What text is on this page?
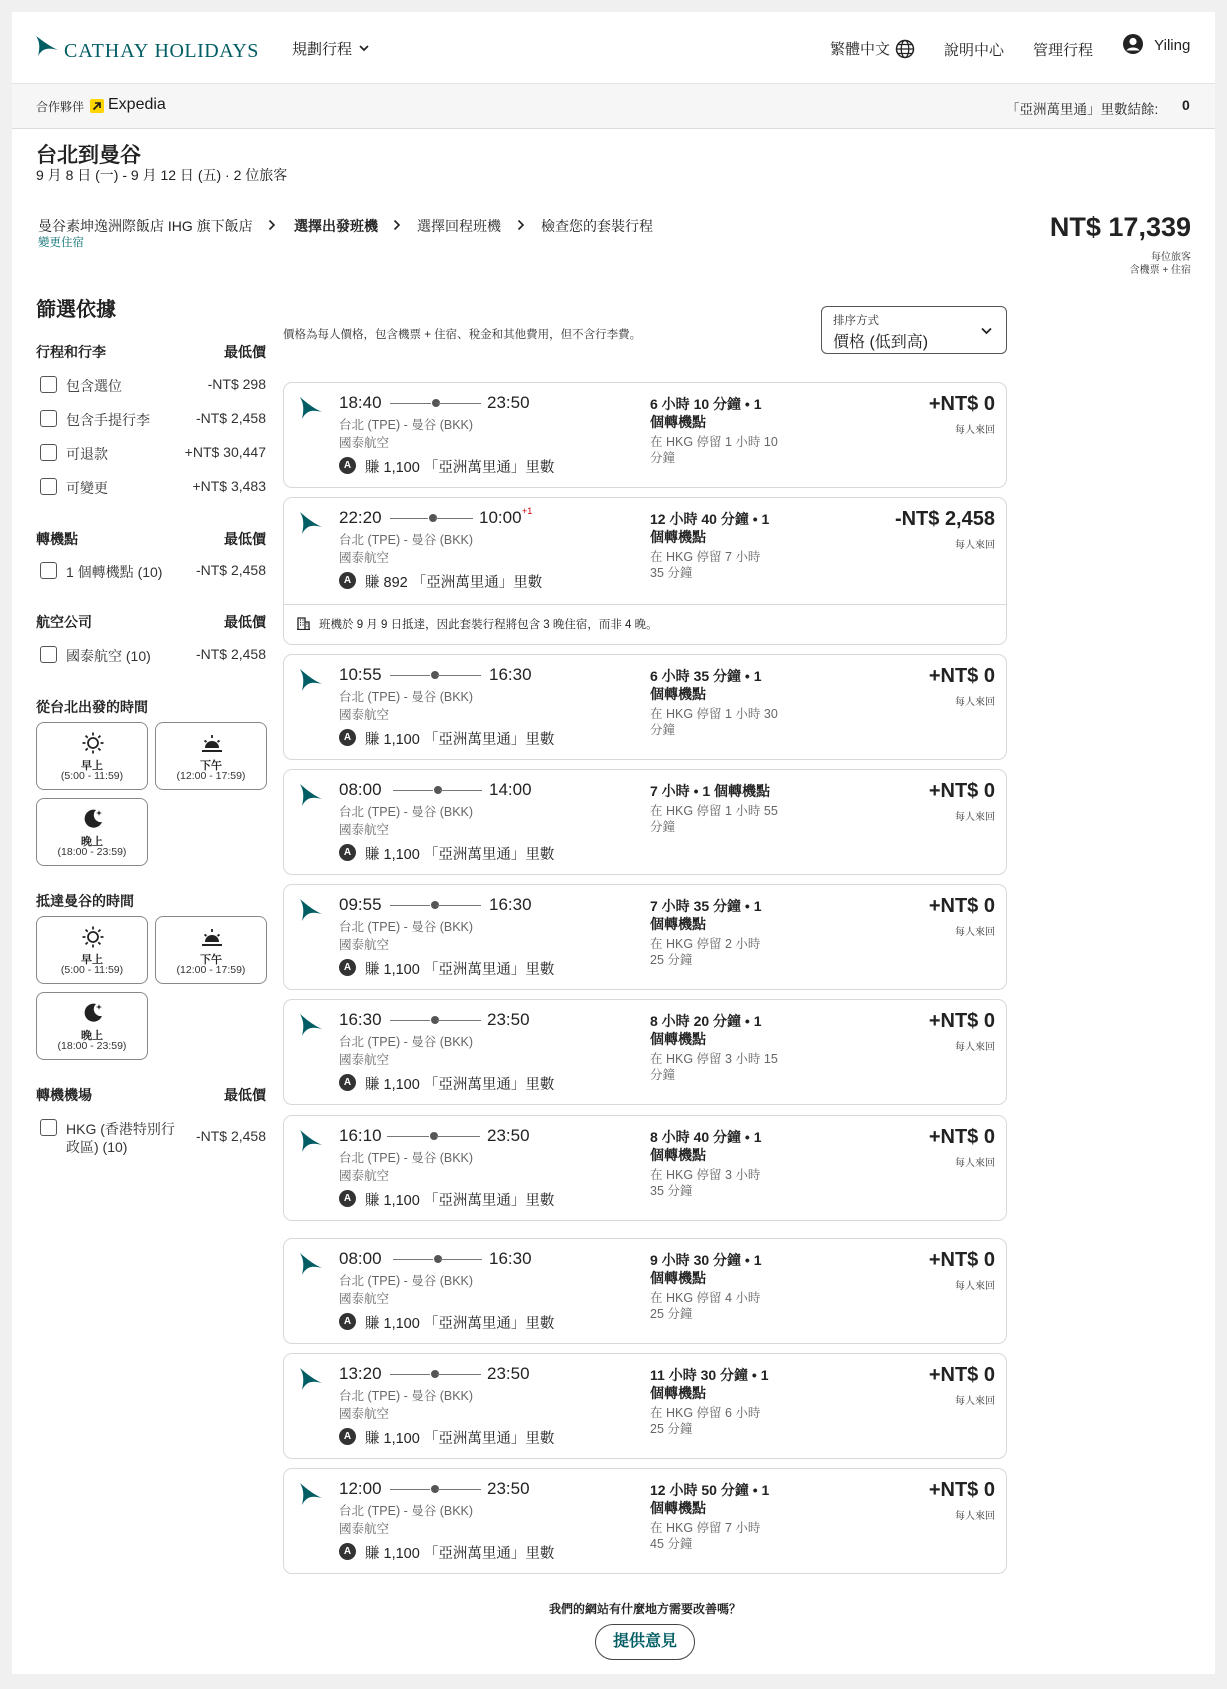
CATHAY HOLIDAYS 規劃行程	繁體中文	說明中心 管理行程	Yiling
合作夥伴 Expedia	「亞洲萬里通」里數結餘: 0
台北到曼谷
9 月 8 日 (一) - 9 月 12 日 (五) · 2 位旅客
曼谷素坤逸洲際飯店 IHG 旗下飯店
變更住宿
選擇出發班機	選擇回程班機	檢查您的套裝行程	NT$ 17,339
每位旅客
含機票 + 住宿
篩選依據
行程和行李	最低價
包含選位	-NT$ 298
包含手提行李	-NT$ 2,458
可退款	+NT$ 30,447
可變更	+NT$ 3,483
轉機點	最低價
1 個轉機點 (10)	-NT$ 2,458
航空公司	最低價
國泰航空 (10)	-NT$ 2,458
從台北出發的時間
早上
(5:00 - 11:59)
下午
(12:00 - 17:59)
晚上
(18:00 - 23:59)
抵達曼谷的時間
早上
(5:00 - 11:59)
下午
(12:00 - 17:59)
晚上
(18:00 - 23:59)
轉機機場	最低價
HKG (香港特別行
政區) (10)
-NT$ 2,458
價格為每人價格，包含機票 + 住宿、稅金和其他費用，但不含行李費。
排序方式
價格 (低到高)
18:40	23:50
台北 (TPE) - 曼谷 (BKK)
國泰航空
A 賺 1,100 「亞洲萬里通」里數
6 小時 10 分鐘 • 1
個轉機點
在 HKG 停留 1 小時 10
分鐘
+NT$ 0
每人來回
22:20	10:00 +1
台北 (TPE) - 曼谷 (BKK)
國泰航空
A 賺 892 「亞洲萬里通」里數
12 小時 40 分鐘 • 1
個轉機點
在 HKG 停留 7 小時
35 分鐘
-NT$ 2,458
每人來回
班機於 9 月 9 日抵達，因此套裝行程將包含 3 晚住宿，而非 4 晚。
10:55	16:30
台北 (TPE) - 曼谷 (BKK)
國泰航空
A 賺 1,100 「亞洲萬里通」里數
6 小時 35 分鐘 • 1
個轉機點
在 HKG 停留 1 小時 30
分鐘
+NT$ 0
每人來回
08:00	14:00
台北 (TPE) - 曼谷 (BKK)
國泰航空
A 賺 1,100 「亞洲萬里通」里數
7 小時 • 1 個轉機點
在 HKG 停留 1 小時 55
分鐘
+NT$ 0
每人來回
09:55	16:30
台北 (TPE) - 曼谷 (BKK)
國泰航空
A 賺 1,100 「亞洲萬里通」里數
7 小時 35 分鐘 • 1
個轉機點
在 HKG 停留 2 小時
25 分鐘
+NT$ 0
每人來回
16:30	23:50
台北 (TPE) - 曼谷 (BKK)
國泰航空
A 賺 1,100 「亞洲萬里通」里數
8 小時 20 分鐘 • 1
個轉機點
在 HKG 停留 3 小時 15
分鐘
+NT$ 0
每人來回
16:10	23:50
台北 (TPE) - 曼谷 (BKK)
國泰航空
A 賺 1,100 「亞洲萬里通」里數
8 小時 40 分鐘 • 1
個轉機點
在 HKG 停留 3 小時
35 分鐘
+NT$ 0
每人來回
08:00	16:30
台北 (TPE) - 曼谷 (BKK)
國泰航空
A 賺 1,100 「亞洲萬里通」里數
9 小時 30 分鐘 • 1
個轉機點
在 HKG 停留 4 小時
25 分鐘
+NT$ 0
每人來回
13:20	23:50
台北 (TPE) - 曼谷 (BKK)
國泰航空
A 賺 1,100 「亞洲萬里通」里數
11 小時 30 分鐘 • 1
個轉機點
在 HKG 停留 6 小時
25 分鐘
+NT$ 0
每人來回
12:00	23:50
台北 (TPE) - 曼谷 (BKK)
國泰航空
A 賺 1,100 「亞洲萬里通」里數
12 小時 50 分鐘 • 1
個轉機點
在 HKG 停留 7 小時
45 分鐘
+NT$ 0
每人來回
我們的網站有什麼地方需要改善嗎？
提供意見
